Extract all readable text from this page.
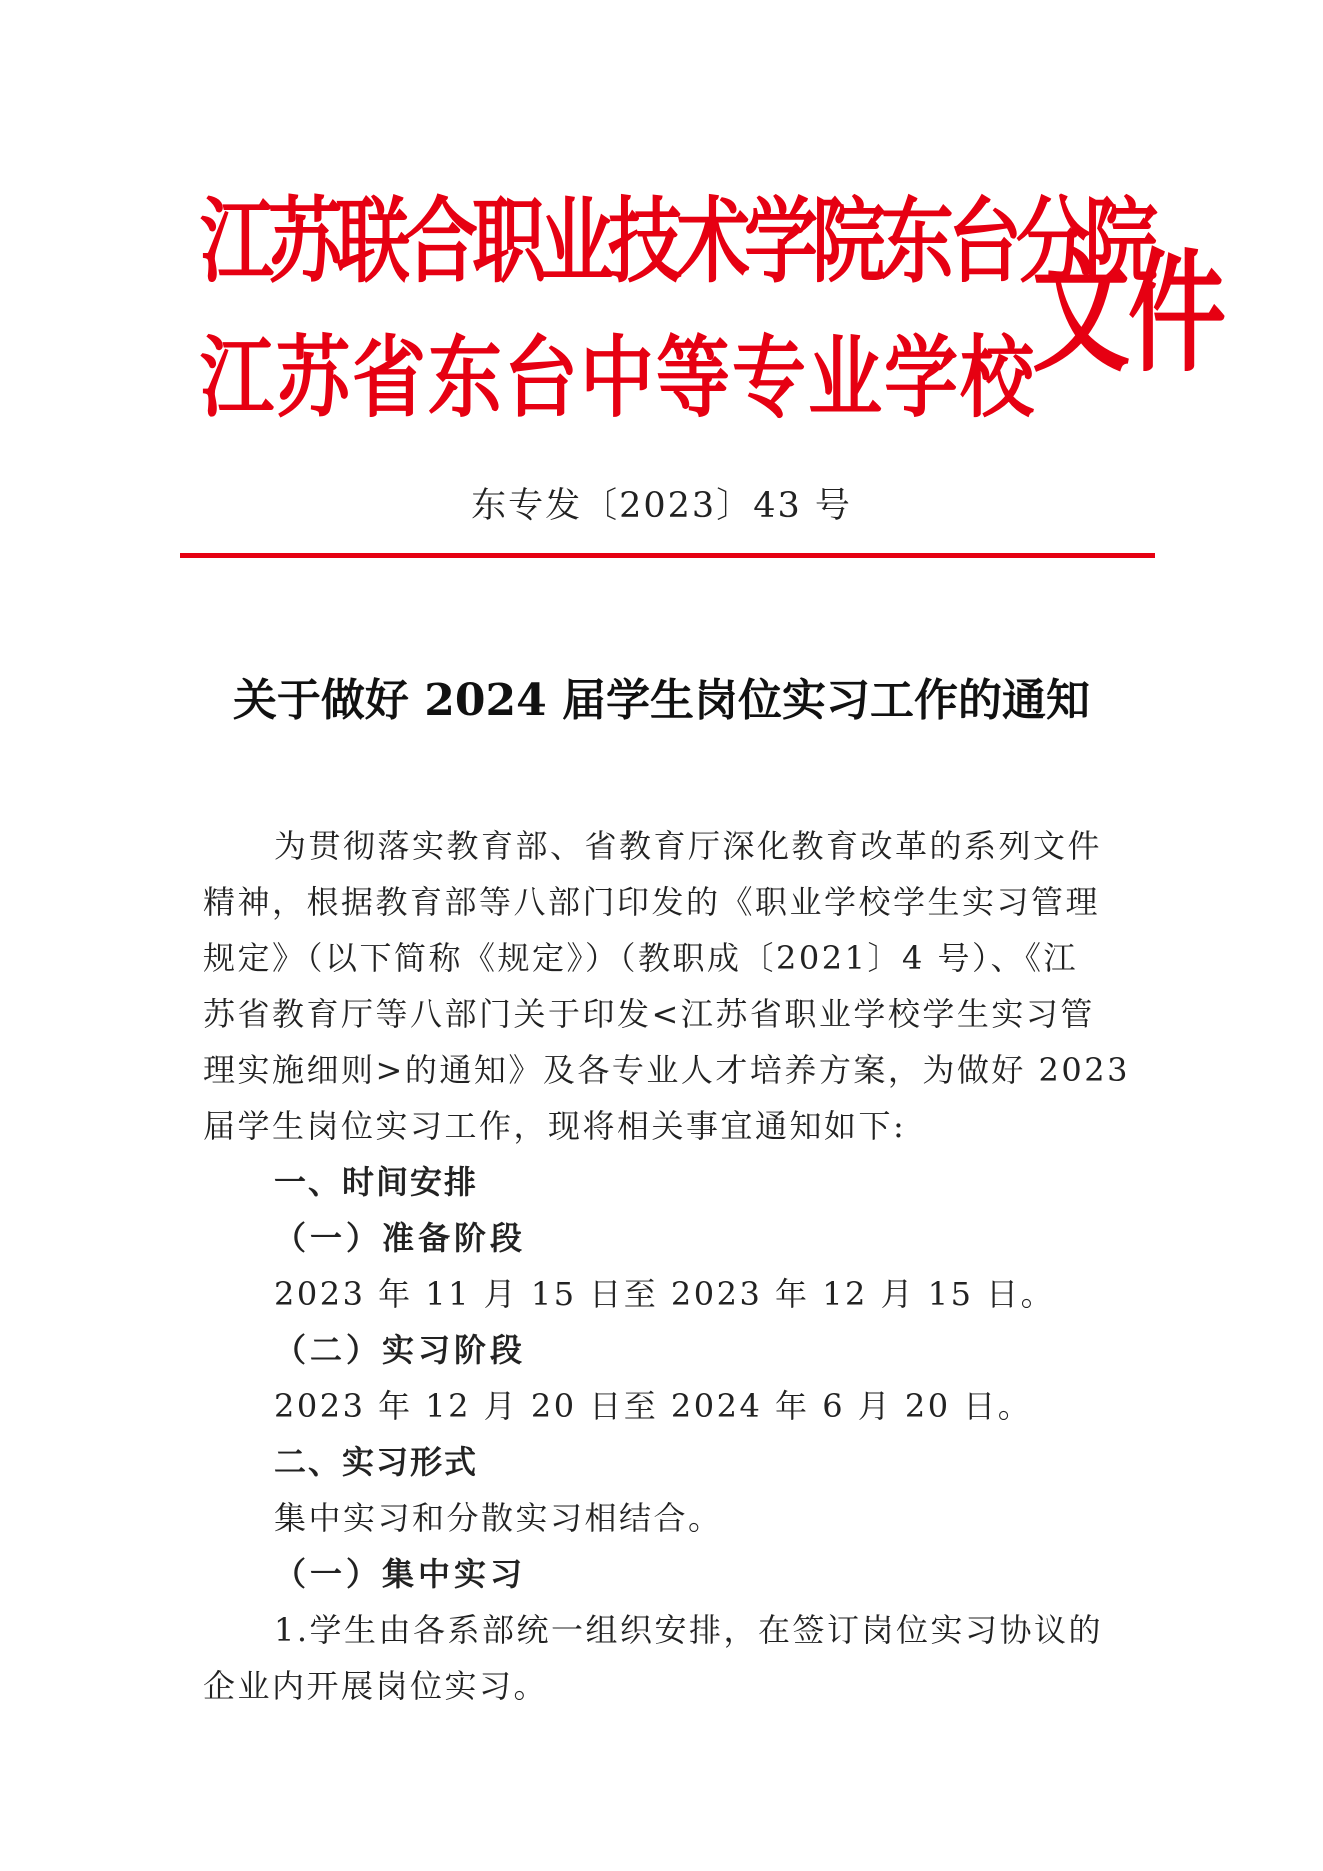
江苏联合职业技术学院东台分院
江苏省东台中等专业学校
文件
东专发〔2023〕43 号
关于做好 2024 届学生岗位实习工作的通知
为贯彻落实教育部、省教育厅深化教育改革的系列文件
精神，根据教育部等八部门印发的《职业学校学生实习管理
规定》（以下简称《规定》）（教职成〔2021〕4 号）、《江
苏省教育厅等八部门关于印发<江苏省职业学校学生实习管
理实施细则>的通知》及各专业人才培养方案，为做好 2023
届学生岗位实习工作，现将相关事宜通知如下:
一、时间安排
（一）准备阶段
2023 年 11 月 15 日至 2023 年 12 月 15 日。
（二）实习阶段
2023 年 12 月 20 日至 2024 年 6 月 20 日。
二、实习形式
集中实习和分散实习相结合。
（一）集中实习
1.学生由各系部统一组织安排，在签订岗位实习协议的
企业内开展岗位实习。
